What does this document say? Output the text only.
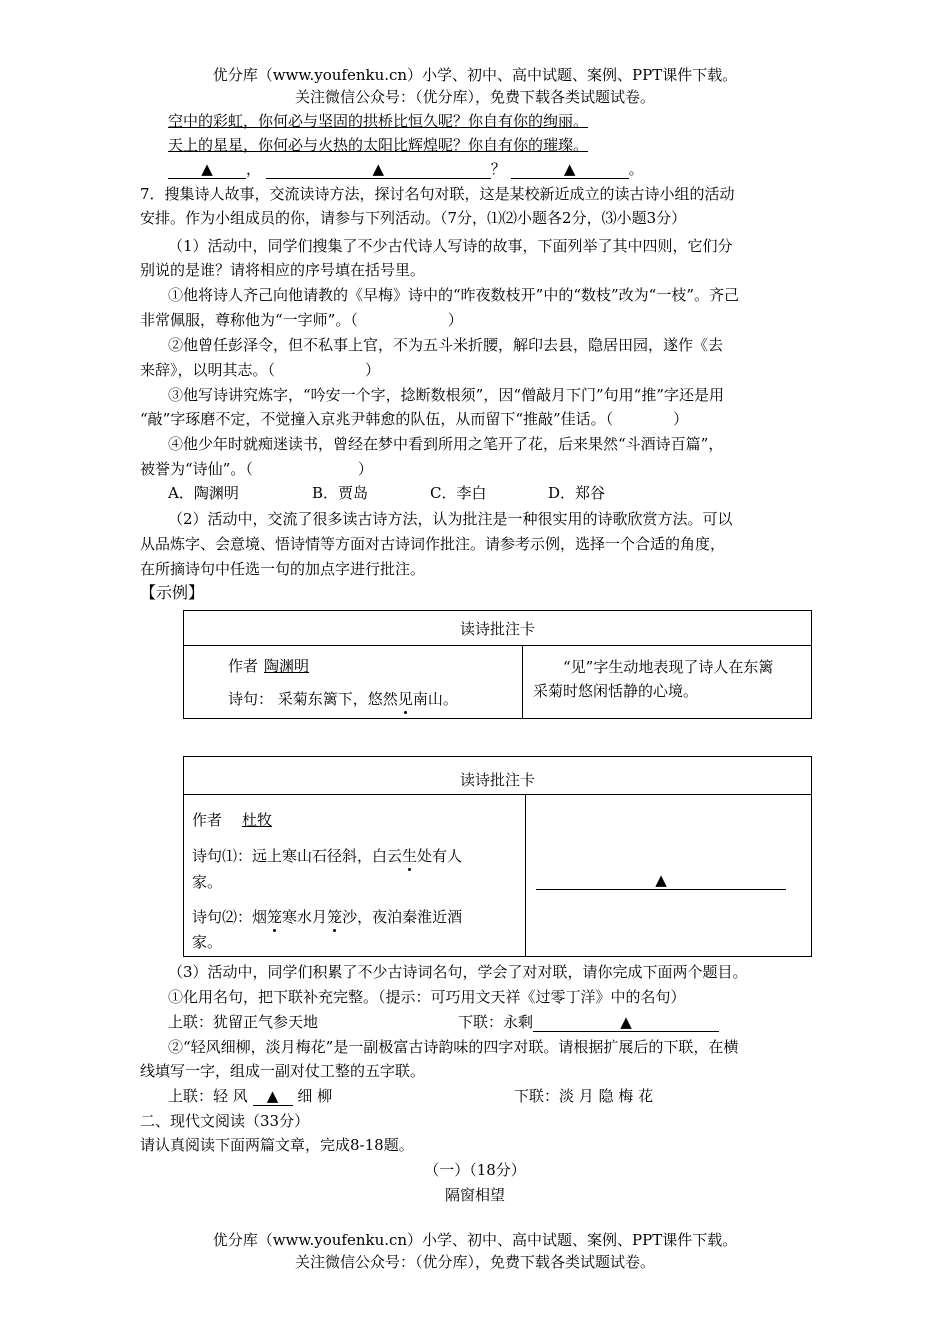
优分库（www.youfenku.cn）小学、初中、高中试题、案例、PPT课件下载。
关注微信公众号：（优分库），免费下载各类试题试卷。
空中的彩虹，你何必与坚固的拱桥比恒久呢？你自有你的绚丽。
天上的星星，你何必与火热的太阳比辉煌呢？你自有你的璀璨。
▲ ，	▲	？	▲	。
7．搜集诗人故事，交流读诗方法，探讨名句对联，这是某校新近成立的读古诗小组的活动
安排。作为小组成员的你，请参与下列活动。（7分，⑴⑵小题各2分，⑶小题3分）
（1）活动中，同学们搜集了不少古代诗人写诗的故事，下面列举了其中四则，它们分
别说的是谁？请将相应的序号填在括号里。
①他将诗人齐己向他请教的《早梅》诗中的“昨夜数枝开”中的“数枝”改为“一枝”。齐己
非常佩服，尊称他为“一字师”。（　　　　　　）
②他曾任彭泽令，但不私事上官，不为五斗米折腰，解印去县，隐居田园，遂作《去
来辞》，以明其志。（　　　　　　）
③他写诗讲究炼字，“吟安一个字，捻断数根须”，因“僧敲月下门”句用“推”字还是用
“敲”字琢磨不定，不觉撞入京兆尹韩愈的队伍，从而留下“推敲”佳话。（　　　　）
④他少年时就痴迷读书，曾经在梦中看到所用之笔开了花，后来果然“斗酒诗百篇”，
被誉为“诗仙”。（　　　　　　　）
A．陶渊明	B．贾岛	C．李白	D．郑谷
（2）活动中，交流了很多读古诗方法，认为批注是一种很实用的诗歌欣赏方法。可以
从品炼字、会意境、悟诗情等方面对古诗词作批注。请参考示例，选择一个合适的角度，
在所摘诗句中任选一句的加点字进行批注。
【示例】
读诗批注卡
作者 陶渊明
诗句： 采菊东篱下，悠然见南山。
“见”字生动地表现了诗人在东篱
采菊时悠闲恬静的心境。
读诗批注卡
作者 杜牧
诗句⑴：远上寒山石径斜，白云生处有人
家。
诗句⑵：烟笼寒水月笼沙，夜泊秦淮近酒
家。
▲
（3）活动中，同学们积累了不少古诗词名句，学会了对对联，请你完成下面两个题目。
①化用名句，把下联补充完整。（提示：可巧用文天祥《过零丁洋》中的名句）
上联：犹留正气参天地	下联：永剩	▲
②“轻风细柳，淡月梅花”是一副极富古诗韵味的四字对联。请根据扩展后的下联，在横
线填写一字，组成一副对仗工整的五字联。
上联：轻 风 ▲ 细 柳	下联：淡 月 隐 梅 花
二、现代文阅读（33分）
请认真阅读下面两篇文章，完成8-18题。
（一）（18分）
隔窗相望
优分库（www.youfenku.cn）小学、初中、高中试题、案例、PPT课件下载。
关注微信公众号：（优分库），免费下载各类试题试卷。
